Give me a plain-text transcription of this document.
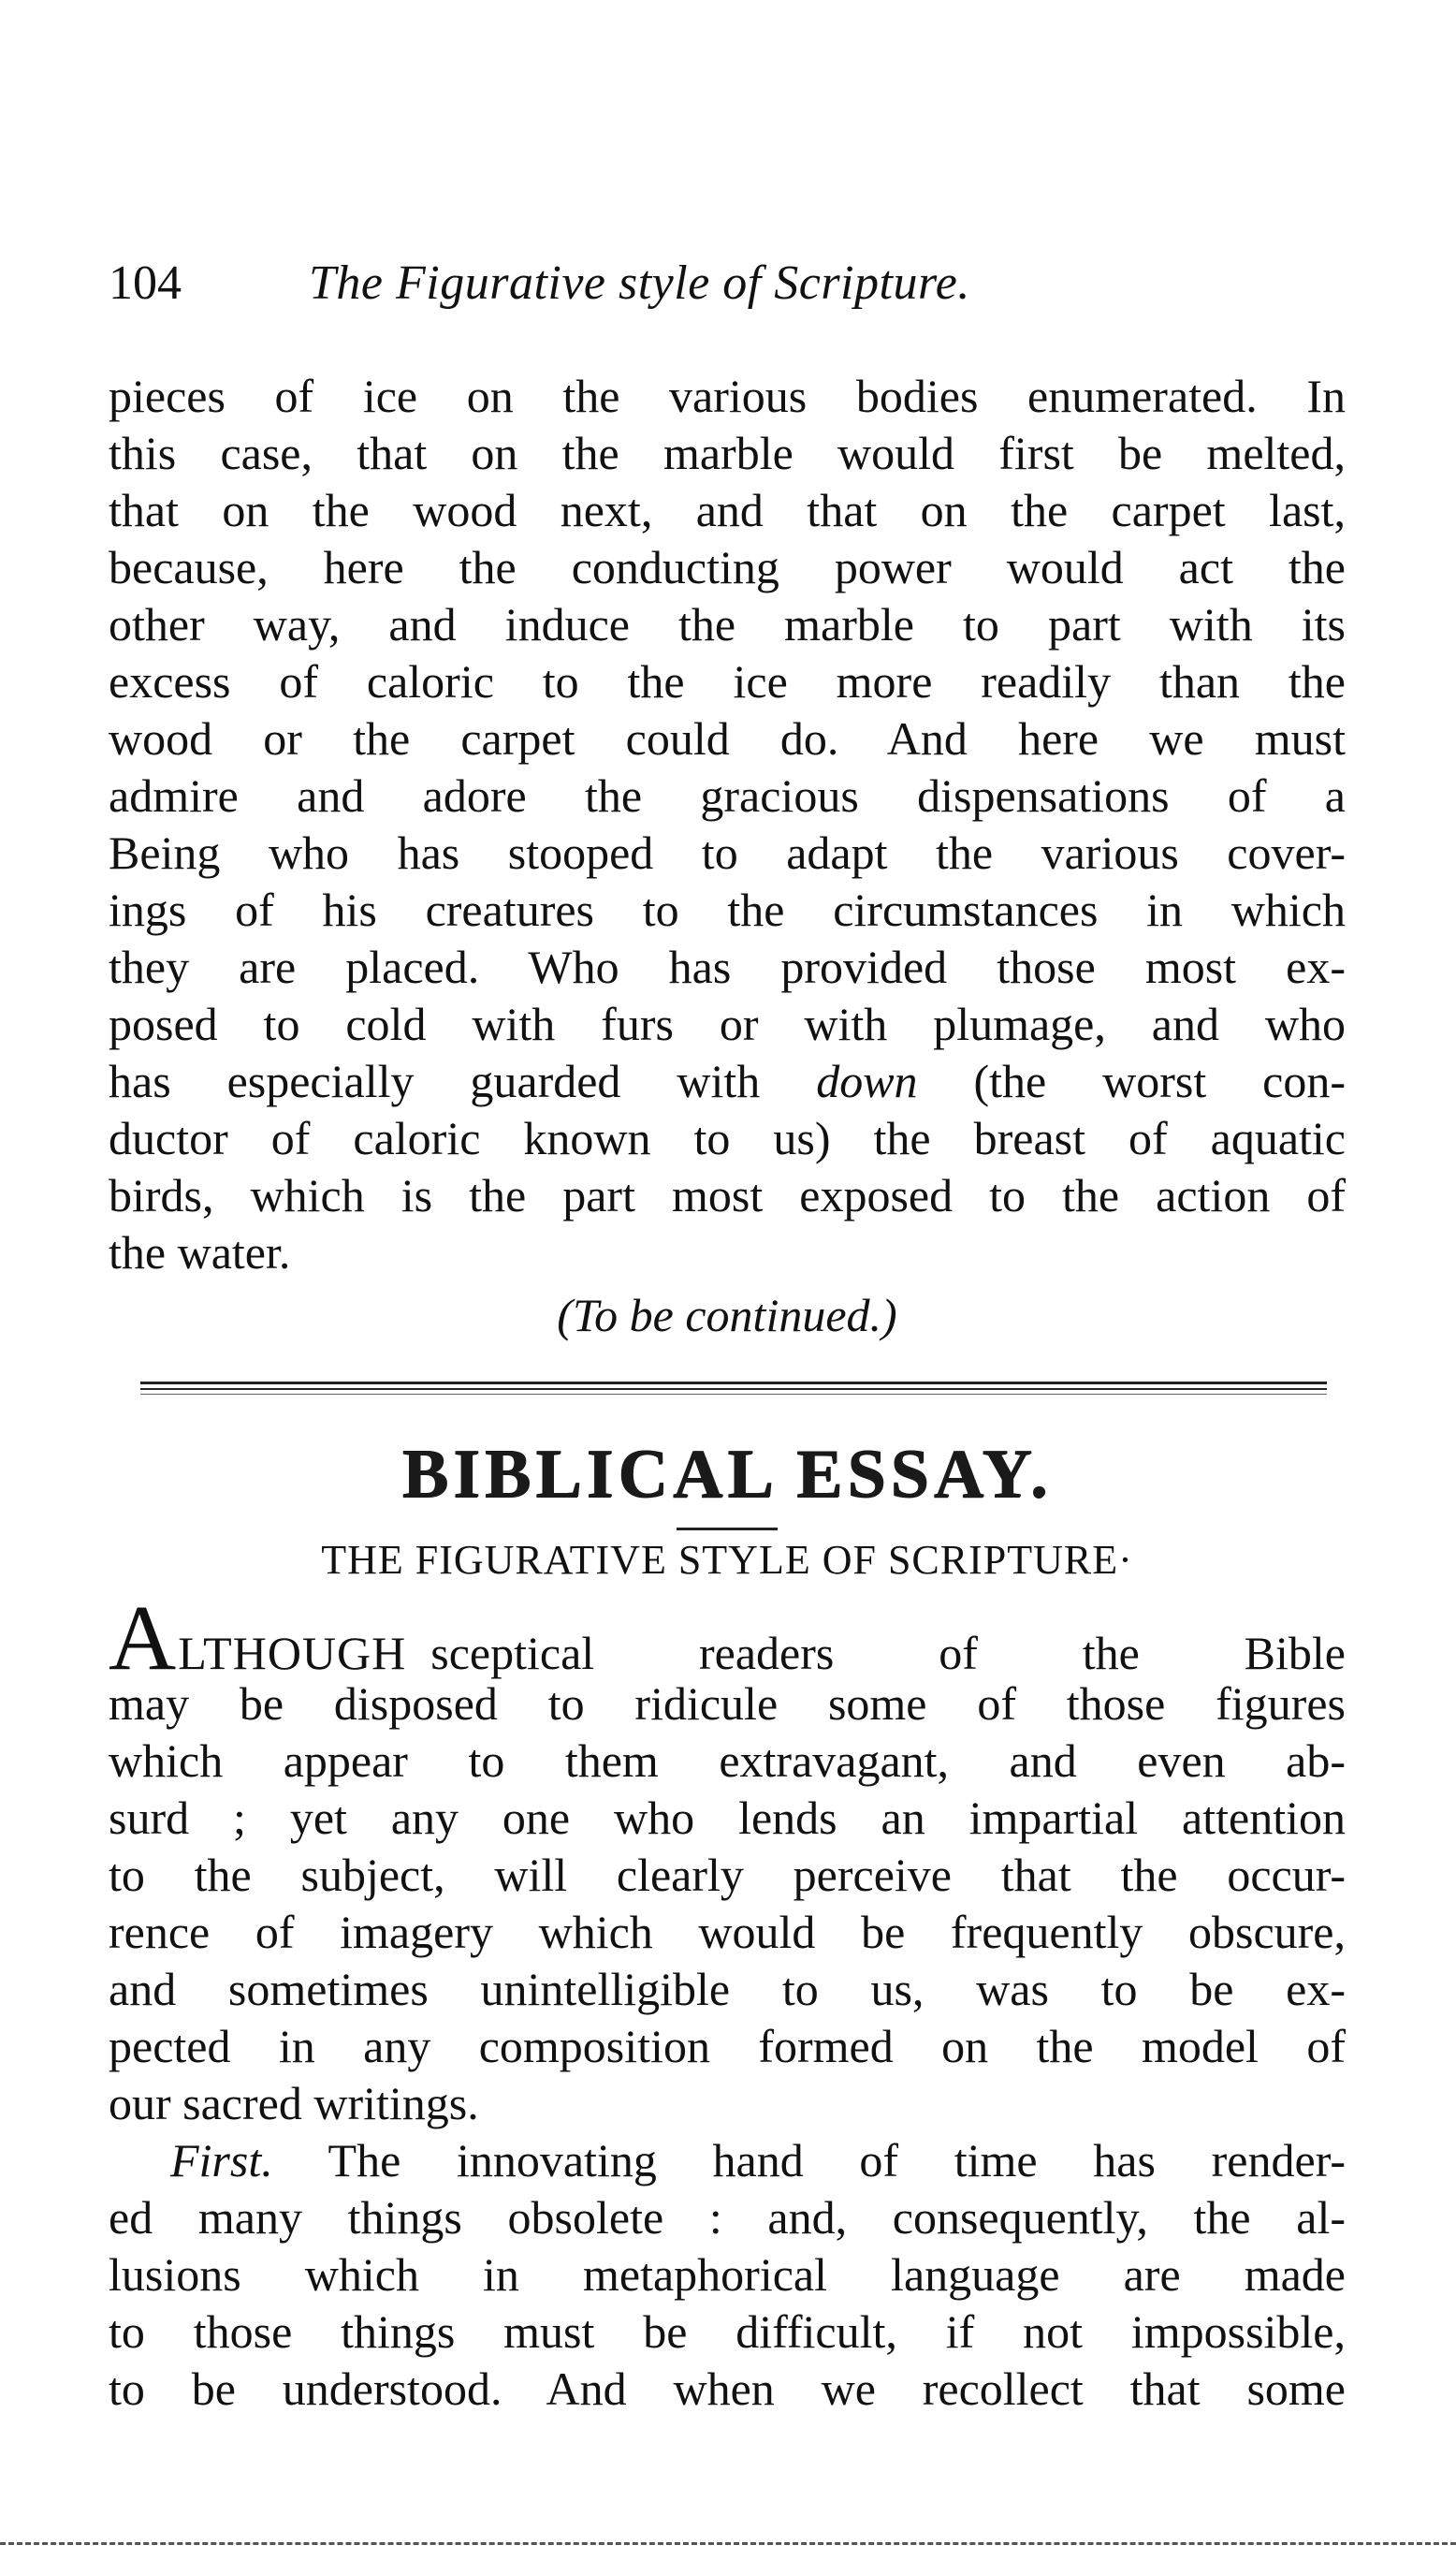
104	The Figurative style of Scripture.
pieces of ice on the various bodies enumerated. In
this case, that on the marble would first be melted,
that on the wood next, and that on the carpet last,
because, here the conducting power would act the
other way, and induce the marble to part with its
excess of caloric to the ice more readily than the
wood or the carpet could do. And here we must
admire and adore the gracious dispensations of a
Being who has stooped to adapt the various cover-
ings of his creatures to the circumstances in which
they are placed. Who has provided those most ex-
posed to cold with furs or with plumage, and who
has especially guarded with down (the worst con-
ductor of caloric known to us) the breast of aquatic
birds, which is the part most exposed to the action of
the water.
(To be continued.)
BIBLICAL ESSAY.
THE FIGURATIVE STYLE OF SCRIPTURE·
ALTHOUGH sceptical readers of the Bible
may be disposed to ridicule some of those figures
which appear to them extravagant, and even ab-
surd ; yet any one who lends an impartial attention
to the subject, will clearly perceive that the occur-
rence of imagery which would be frequently obscure,
and sometimes unintelligible to us, was to be ex-
pected in any composition formed on the model of
our sacred writings.
First. The innovating hand of time has render-
ed many things obsolete : and, consequently, the al-
lusions which in metaphorical language are made
to those things must be difficult, if not impossible,
to be understood. And when we recollect that some
